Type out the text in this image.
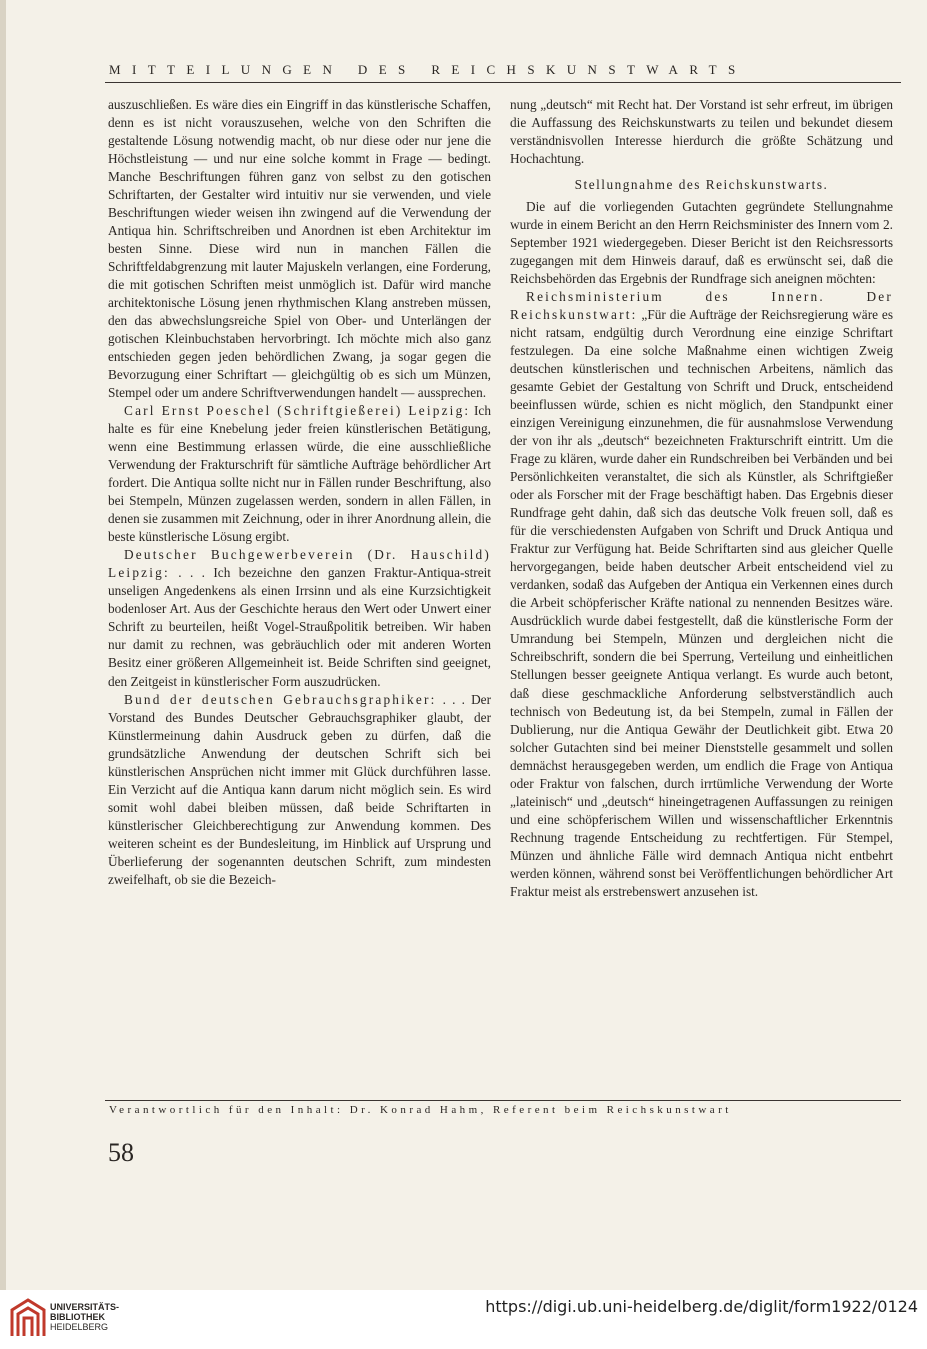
MITTEILUNGEN DES REICHSKUNSTWARTS

auszuschließen. Es wäre dies ein Eingriff in das künstlerische Schaffen, denn es ist nicht vorauszusehen, welche von den Schriften die gestaltende Lösung notwendig macht, ob nur diese oder nur jene die Höchstleistung — und nur eine solche kommt in Frage — bedingt. Manche Beschriftungen führen ganz von selbst zu den gotischen Schriftarten, der Gestalter wird intuitiv nur sie verwenden, und viele Beschriftungen wieder weisen ihn zwingend auf die Verwendung der Antiqua hin. Schriftschreiben und Anordnen ist eben Architektur im besten Sinne. Diese wird nun in manchen Fällen die Schriftfeldabgrenzung mit lauter Majuskeln verlangen, eine Forderung, die mit gotischen Schriften meist unmöglich ist. Dafür wird manche architektonische Lösung jenen rhythmischen Klang anstreben müssen, den das abwechslungsreiche Spiel von Ober- und Unterlängen der gotischen Kleinbuchstaben hervorbringt. Ich möchte mich also ganz entschieden gegen jeden behördlichen Zwang, ja sogar gegen die Bevorzugung einer Schriftart — gleichgültig ob es sich um Münzen, Stempel oder um andere Schriftverwendungen handelt — aussprechen.

Carl Ernst Poeschel (Schriftgießerei) Leipzig: Ich halte es für eine Knebelung jeder freien künstlerischen Betätigung, wenn eine Bestimmung erlassen würde, die eine ausschließliche Verwendung der Frakturschrift für sämtliche Aufträge behördlicher Art fordert. Die Antiqua sollte nicht nur in Fällen runder Beschriftung, also bei Stempeln, Münzen zugelassen werden, sondern in allen Fällen, in denen sie zusammen mit Zeichnung, oder in ihrer Anordnung allein, die beste künstlerische Lösung ergibt.

Deutscher Buchgewerbeverein (Dr. Hauschild) Leipzig: . . . Ich bezeichne den ganzen Fraktur-Antiqua-streit unseligen Angedenkens als einen Irrsinn und als eine Kurzsichtigkeit bodenloser Art. Aus der Geschichte heraus den Wert oder Unwert einer Schrift zu beurteilen, heißt Vogel-Straußpolitik betreiben. Wir haben nur damit zu rechnen, was gebräuchlich oder mit anderen Worten Besitz einer größeren Allgemeinheit ist. Beide Schriften sind geeignet, den Zeitgeist in künstlerischer Form auszudrücken.

Bund der deutschen Gebrauchsgraphiker: . . . Der Vorstand des Bundes Deutscher Gebrauchsgraphiker glaubt, der Künstlermeinung dahin Ausdruck geben zu dürfen, daß die grundsätzliche Anwendung der deutschen Schrift sich bei künstlerischen Ansprüchen nicht immer mit Glück durchführen lasse. Ein Verzicht auf die Antiqua kann darum nicht möglich sein. Es wird somit wohl dabei bleiben müssen, daß beide Schriftarten in künstlerischer Gleichberechtigung zur Anwendung kommen. Des weiteren scheint es der Bundesleitung, im Hinblick auf Ursprung und Überlieferung der sogenannten deutschen Schrift, zum mindesten zweifelhaft, ob sie die Bezeich-

nung „deutsch“ mit Recht hat. Der Vorstand ist sehr erfreut, im übrigen die Auffassung des Reichskunstwarts zu teilen und bekundet diesem verständnisvollen Interesse hierdurch die größte Schätzung und Hochachtung.

Stellungnahme des Reichskunstwarts.

Die auf die vorliegenden Gutachten gegründete Stellungnahme wurde in einem Bericht an den Herrn Reichsminister des Innern vom 2. September 1921 wiedergegeben. Dieser Bericht ist den Reichsressorts zugegangen mit dem Hinweis darauf, daß es erwünscht sei, daß die Reichsbehörden das Ergebnis der Rundfrage sich aneignen möchten:

Reichsministerium des Innern. Der Reichskunstwart: „Für die Aufträge der Reichsregierung wäre es nicht ratsam, endgültig durch Verordnung eine einzige Schriftart festzulegen. Da eine solche Maßnahme einen wichtigen Zweig deutschen künstlerischen und technischen Arbeitens, nämlich das gesamte Gebiet der Gestaltung von Schrift und Druck, entscheidend beeinflussen würde, schien es nicht möglich, den Standpunkt einer einzigen Vereinigung einzunehmen, die für ausnahmslose Verwendung der von ihr als „deutsch“ bezeichneten Frakturschrift eintritt. Um die Frage zu klären, wurde daher ein Rundschreiben bei Verbänden und bei Persönlichkeiten veranstaltet, die sich als Künstler, als Schriftgießer oder als Forscher mit der Frage beschäftigt haben. Das Ergebnis dieser Rundfrage geht dahin, daß sich das deutsche Volk freuen soll, daß es für die verschiedensten Aufgaben von Schrift und Druck Antiqua und Fraktur zur Verfügung hat. Beide Schriftarten sind aus gleicher Quelle hervorgegangen, beide haben deutscher Arbeit entscheidend viel zu verdanken, sodaß das Aufgeben der Antiqua ein Verkennen eines durch die Arbeit schöpferischer Kräfte national zu nennenden Besitzes wäre. Ausdrücklich wurde dabei festgestellt, daß die künstlerische Form der Umrandung bei Stempeln, Münzen und dergleichen nicht die Schreibschrift, sondern die bei Sperrung, Verteilung und einheitlichen Stellungen besser geeignete Antiqua verlangt. Es wurde auch betont, daß diese geschmackliche Anforderung selbstverständlich auch technisch von Bedeutung ist, da bei Stempeln, zumal in Fällen der Dublierung, nur die Antiqua Gewähr der Deutlichkeit gibt. Etwa 20 solcher Gutachten sind bei meiner Dienststelle gesammelt und sollen demnächst herausgegeben werden, um endlich die Frage von Antiqua oder Fraktur von falschen, durch irrtümliche Verwendung der Worte „lateinisch“ und „deutsch“ hineingetragenen Auffassungen zu reinigen und eine schöpferischem Willen und wissenschaftlicher Erkenntnis Rechnung tragende Entscheidung zu rechtfertigen. Für Stempel, Münzen und ähnliche Fälle wird demnach Antiqua nicht entbehrt werden können, während sonst bei Veröffentlichungen behördlicher Art Fraktur meist als erstrebenswert anzusehen ist.

Verantwortlich für den Inhalt: Dr. Konrad Hahm, Referent beim Reichskunstwart
58
UNIVERSITÄTS-
BIBLIOTHEK
HEIDELBERG
https://digi.ub.uni-heidelberg.de/diglit/form1922/0124
